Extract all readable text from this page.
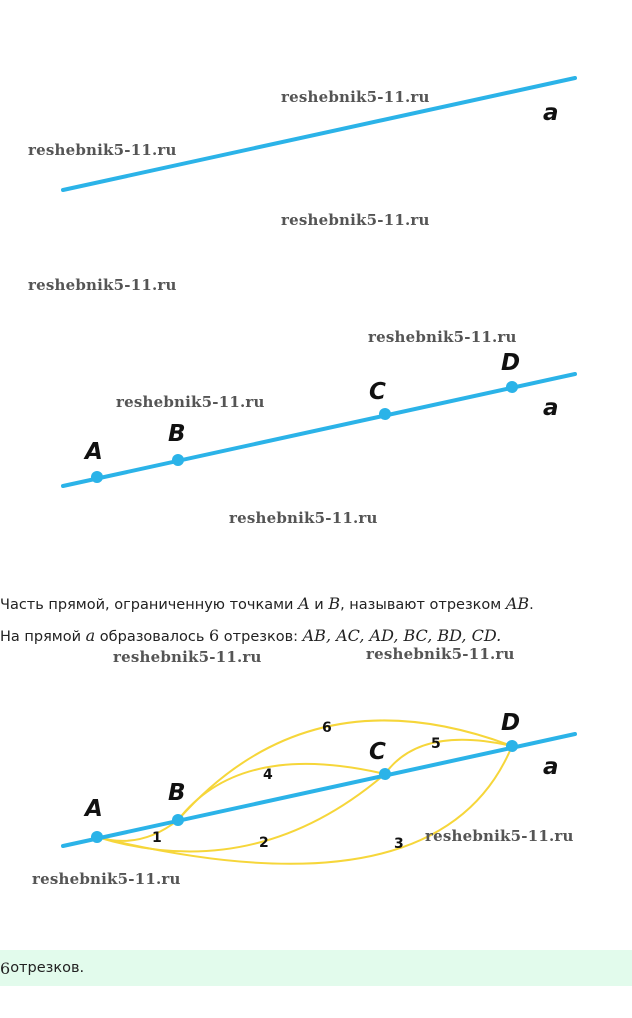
a
A
B
C
D
a
Часть прямой, ограниченную точками A и B, называют отрезком AB.
На прямой a образовалось 6 отрезков: AB, AC, AD, BC, BD, CD.
A
B
C
D
a
1	2	3
4
5
6
6 отрезков.
reshebnik5-11.ru
reshebnik5-11.ru
reshebnik5-11.ru
reshebnik5-11.ru
reshebnik5-11.ru
reshebnik5-11.ru
reshebnik5-11.ru
reshebnik5-11.ru	reshebnik5-11.ru
reshebnik5-11.ru
reshebnik5-11.ru
